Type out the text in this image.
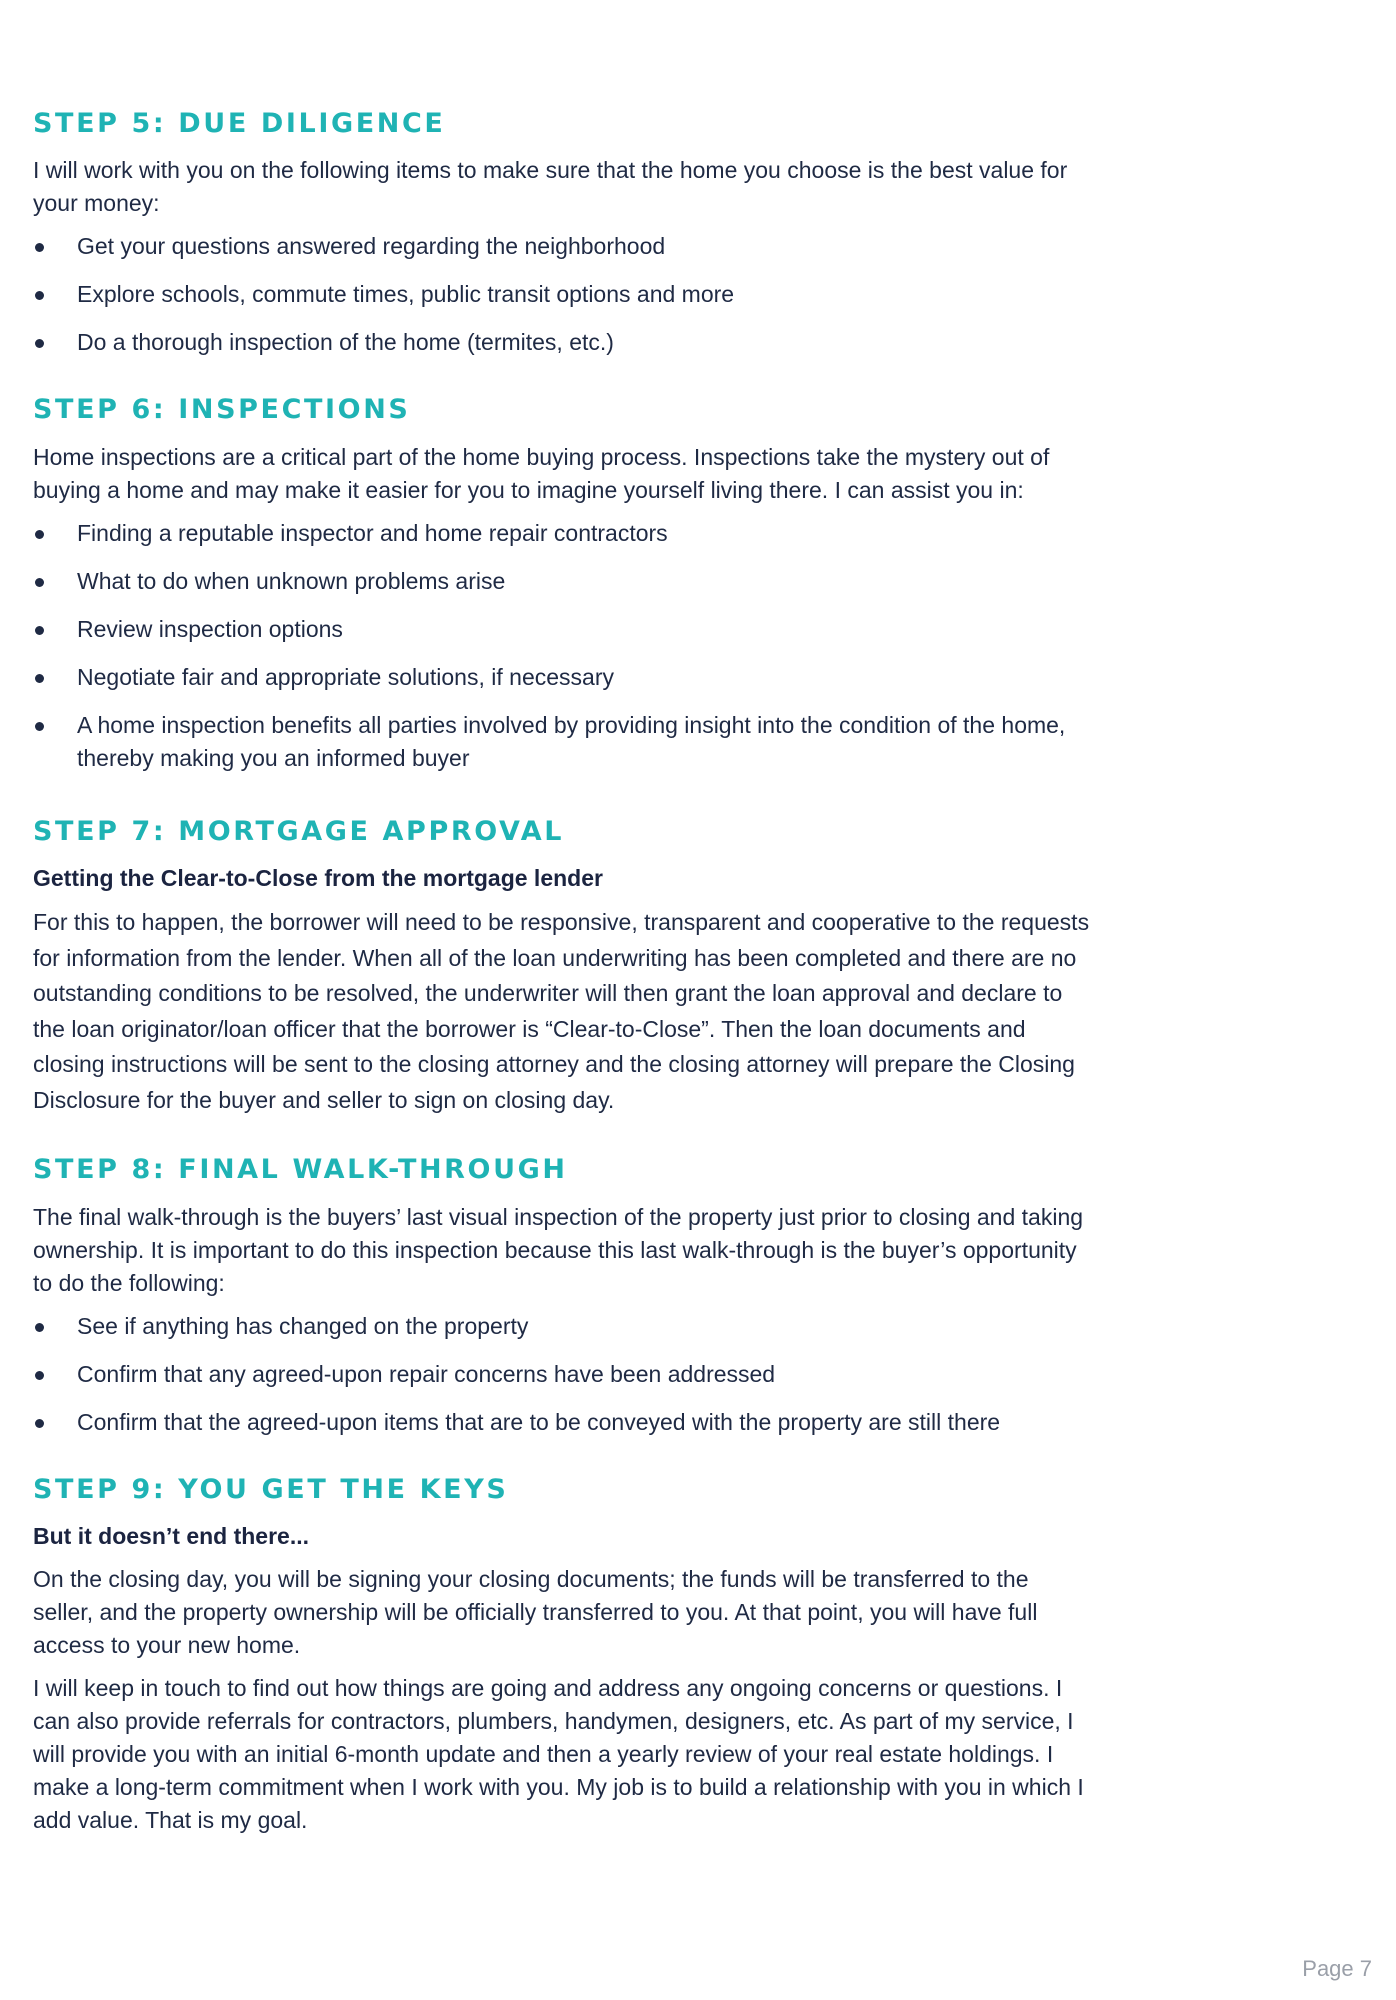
STEP 5: DUE DILIGENCE

I will work with you on the following items to make sure that the home you choose is the best value for your money:

Get your questions answered regarding the neighborhood
Explore schools, commute times, public transit options and more
Do a thorough inspection of the home (termites, etc.)
STEP 6: INSPECTIONS

Home inspections are a critical part of the home buying process. Inspections take the mystery out of buying a home and may make it easier for you to imagine yourself living there. I can assist you in:

Finding a reputable inspector and home repair contractors
What to do when unknown problems arise
Review inspection options
Negotiate fair and appropriate solutions, if necessary
A home inspection benefits all parties involved by providing insight into the condition of the home, thereby making you an informed buyer
STEP 7: MORTGAGE APPROVAL

Getting the Clear-to-Close from the mortgage lender

For this to happen, the borrower will need to be responsive, transparent and cooperative to the requests for information from the lender. When all of the loan underwriting has been completed and there are no outstanding conditions to be resolved, the underwriter will then grant the loan approval and declare to the loan originator/loan officer that the borrower is “Clear-to-Close”. Then the loan documents and closing instructions will be sent to the closing attorney and the closing attorney will prepare the Closing Disclosure for the buyer and seller to sign on closing day.

STEP 8: FINAL WALK-THROUGH

The final walk-through is the buyers’ last visual inspection of the property just prior to closing and taking ownership. It is important to do this inspection because this last walk-through is the buyer’s opportunity to do the following:

See if anything has changed on the property
Confirm that any agreed-upon repair concerns have been addressed
Confirm that the agreed-upon items that are to be conveyed with the property are still there
STEP 9: YOU GET THE KEYS

But it doesn’t end there...

On the closing day, you will be signing your closing documents; the funds will be transferred to the seller, and the property ownership will be officially transferred to you. At that point, you will have full access to your new home.

I will keep in touch to find out how things are going and address any ongoing concerns or questions. I can also provide referrals for contractors, plumbers, handymen, designers, etc. As part of my service, I will provide you with an initial 6-month update and then a yearly review of your real estate holdings. I make a long-term commitment when I work with you. My job is to build a relationship with you in which I add value. That is my goal.

Page 7
